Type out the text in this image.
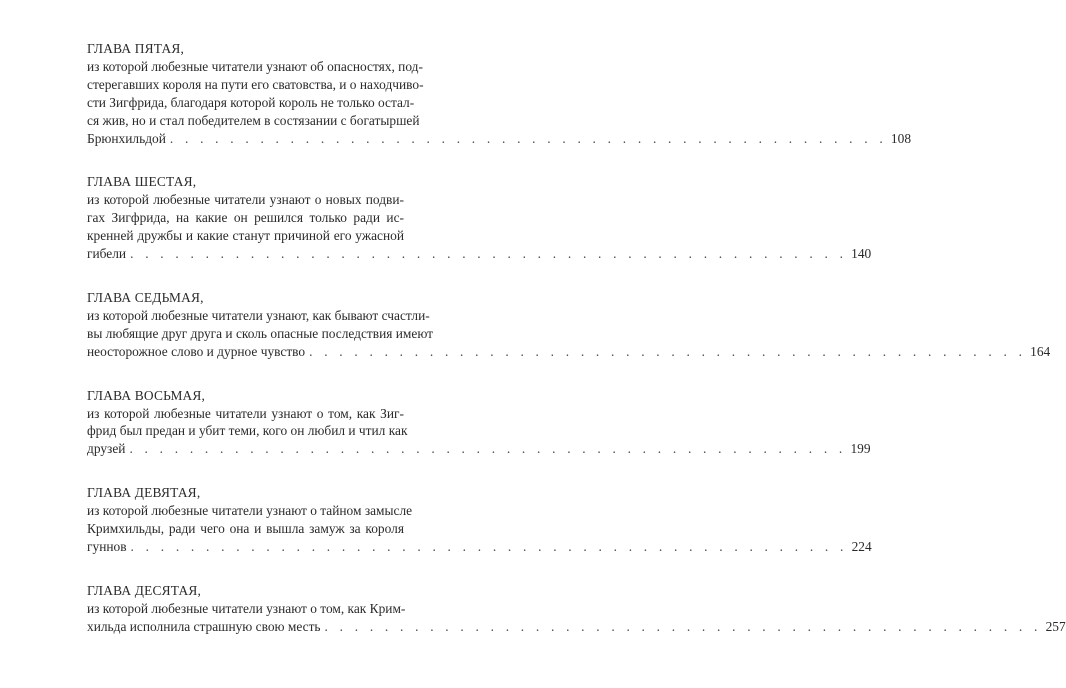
ГЛАВА ПЯТАЯ,
из которой любезные читатели узнают об опасностях, под-
стерегавших короля на пути его сватовства, и о находчиво-
сти Зигфрида, благодаря которой король не только остал-
ся жив, но и стал победителем в состязании с богатыршей
Брюнхильдой . . . . . . . . . . . . . . . . . . . . . . . . . . . . . . . . . . . . . . . . . . . . . . . . 108
ГЛАВА ШЕСТАЯ,
из которой любезные читатели узнают о новых подви-
гах Зигфрида, на какие он решился только ради ис-
кренней дружбы и какие станут причиной его ужасной
гибели . . . . . . . . . . . . . . . . . . . . . . . . . . . . . . . . . . . . . . . . . . . . . . . . 140
ГЛАВА СЕДЬМАЯ,
из которой любезные читатели узнают, как бывают счастли-
вы любящие друг друга и сколь опасные последствия имеют
неосторожное слово и дурное чувство . . . . . . . . . . . . . . . . . . . . . . . . . . . . . . . . . . . . . . . . . . . . . . . . 164
ГЛАВА ВОСЬМАЯ,
из которой любезные читатели узнают о том, как Зиг-
фрид был предан и убит теми, кого он любил и чтил как
друзей . . . . . . . . . . . . . . . . . . . . . . . . . . . . . . . . . . . . . . . . . . . . . . . . 199
ГЛАВА ДЕВЯТАЯ,
из которой любезные читатели узнают о тайном замысле
Кримхильды, ради чего она и вышла замуж за короля
гуннов . . . . . . . . . . . . . . . . . . . . . . . . . . . . . . . . . . . . . . . . . . . . . . . . 224
ГЛАВА ДЕСЯТАЯ,
из которой любезные читатели узнают о том, как Крим-
хильда исполнила страшную свою месть . . . . . . . . . . . . . . . . . . . . . . . . . . . . . . . . . . . . . . . . . . . . . . . . 257
